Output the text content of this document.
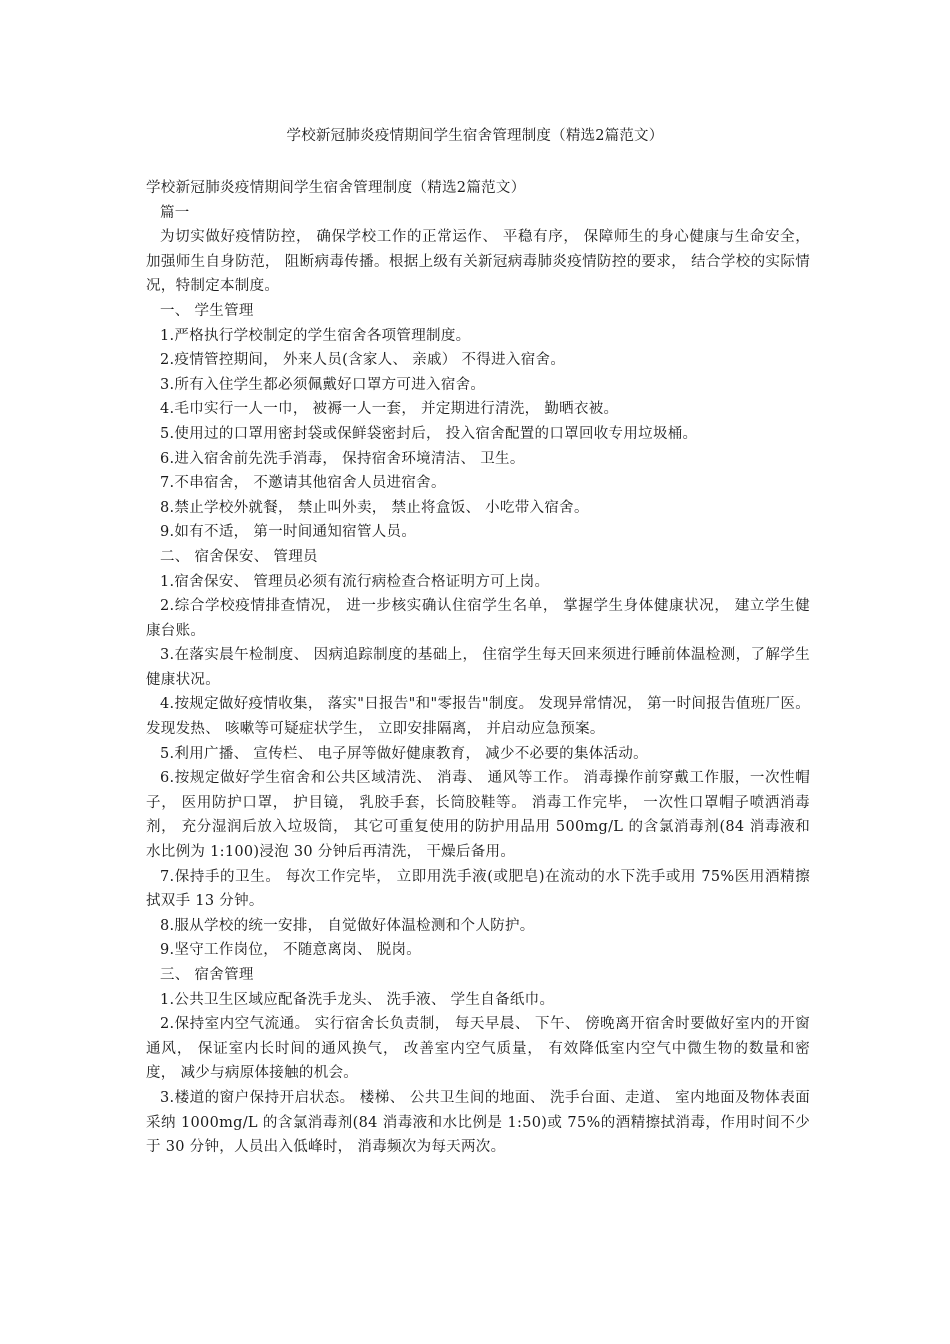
学校新冠肺炎疫情期间学生宿舍管理制度（精选2篇范文）

学校新冠肺炎疫情期间学生宿舍管理制度（精选2篇范文）

篇一

为切实做好疫情防控， 确保学校工作的正常运作、 平稳有序， 保障师生的身心健康与生命安全， 加强师生自身防范， 阻断病毒传播。根据上级有关新冠病毒肺炎疫情防控的要求， 结合学校的实际情况，特制定本制度。

一、 学生管理

1.严格执行学校制定的学生宿舍各项管理制度。

2.疫情管控期间， 外来人员(含家人、 亲戚） 不得进入宿舍。

3.所有入住学生都必须佩戴好口罩方可进入宿舍。

4.毛巾实行一人一巾， 被褥一人一套， 并定期进行清洗， 勤晒衣被。

5.使用过的口罩用密封袋或保鲜袋密封后， 投入宿舍配置的口罩回收专用垃圾桶。

6.进入宿舍前先洗手消毒， 保持宿舍环境清洁、 卫生。

7.不串宿舍， 不邀请其他宿舍人员进宿舍。

8.禁止学校外就餐， 禁止叫外卖， 禁止将盒饭、 小吃带入宿舍。

9.如有不适， 第一时间通知宿管人员。

二、 宿舍保安、 管理员

1.宿舍保安、 管理员必须有流行病检查合格证明方可上岗。

2.综合学校疫情排查情况， 进一步核实确认住宿学生名单， 掌握学生身体健康状况， 建立学生健康台账。

3.在落实晨午检制度、 因病追踪制度的基础上， 住宿学生每天回来须进行睡前体温检测，了解学生健康状况。

4.按规定做好疫情收集， 落实"日报告"和"零报告"制度。 发现异常情况， 第一时间报告值班厂医。 发现发热、 咳嗽等可疑症状学生， 立即安排隔离， 并启动应急预案。

5.利用广播、 宣传栏、 电子屏等做好健康教育， 减少不必要的集体活动。

6.按规定做好学生宿舍和公共区域清洗、 消毒、 通风等工作。 消毒操作前穿戴工作服，一次性帽子， 医用防护口罩， 护目镜， 乳胶手套，长筒胶鞋等。 消毒工作完毕， 一次性口罩帽子喷洒消毒剂， 充分湿润后放入垃圾筒， 其它可重复使用的防护用品用 500mg/L 的含氯消毒剂(84 消毒液和水比例为 1:100)浸泡 30 分钟后再清洗， 干燥后备用。

7.保持手的卫生。 每次工作完毕， 立即用洗手液(或肥皂)在流动的水下洗手或用 75%医用酒精擦拭双手 13 分钟。

8.服从学校的统一安排， 自觉做好体温检测和个人防护。

9.坚守工作岗位， 不随意离岗、 脱岗。

三、 宿舍管理

1.公共卫生区域应配备洗手龙头、 洗手液、 学生自备纸巾。

2.保持室内空气流通。 实行宿舍长负责制， 每天早晨、 下午、 傍晚离开宿舍时要做好室内的开窗通风， 保证室内长时间的通风换气， 改善室内空气质量， 有效降低室内空气中微生物的数量和密度， 减少与病原体接触的机会。

3.楼道的窗户保持开启状态。 楼梯、 公共卫生间的地面、 洗手台面、走道、 室内地面及物体表面采纳 1000mg/L 的含氯消毒剂(84 消毒液和水比例是 1:50)或 75%的酒精擦拭消毒，作用时间不少于 30 分钟，人员出入低峰时， 消毒频次为每天两次。
